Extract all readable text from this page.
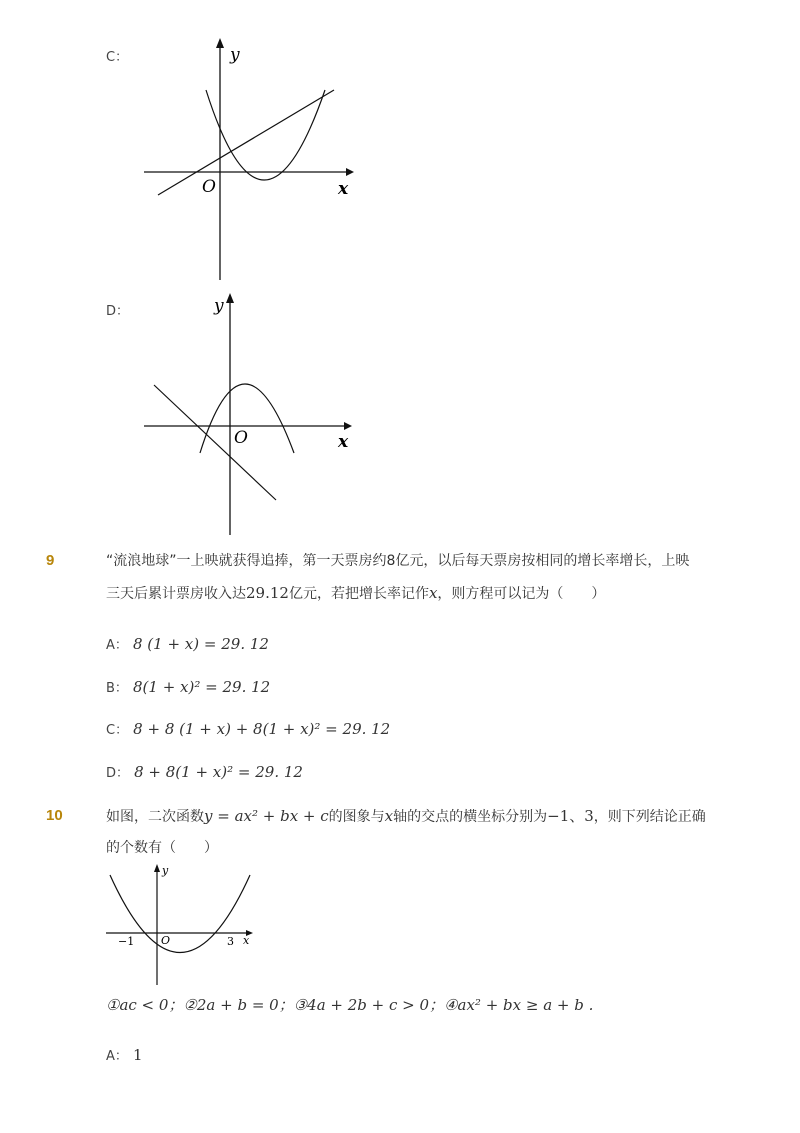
C：	y
x
O
D：	y
x
O
9	“流浪地球”一上映就获得追捧，第一天票房约8亿元，以后每天票房按相同的增长率增长，上映
三天后累计票房收入达29.12亿元，若把增长率记作x，则方程可以记为（　　）
A： 8 (1 + x) = 29. 12
B： 8(1 + x)² = 29. 12
C： 8 + 8 (1 + x) + 8(1 + x)² = 29. 12
D： 8 + 8(1 + x)² = 29. 12
10	如图，二次函数y = ax² + bx + c的图象与x轴的交点的横坐标分别为−1、3，则下列结论正确
的个数有（　　）
y
x
O
−1	3
①ac < 0；②2a + b = 0；③4a + 2b + c > 0；④ax² + bx ≥ a + b .
A： 1
